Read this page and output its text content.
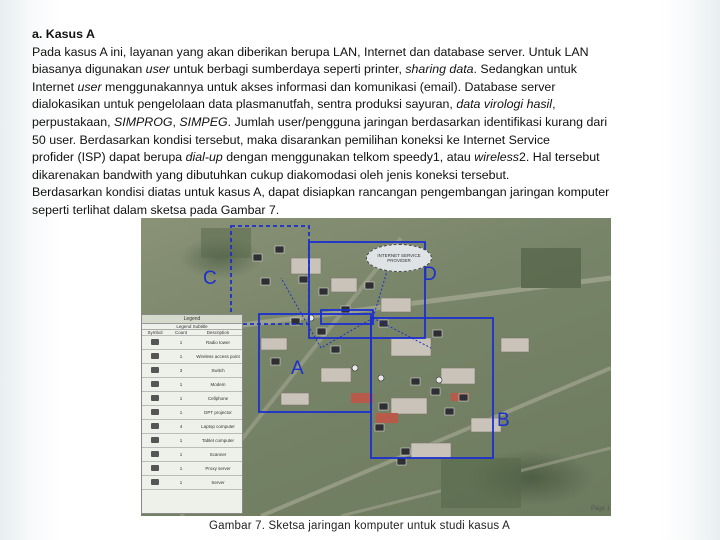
a. Kasus A

Pada kasus A ini, layanan yang akan diberikan berupa LAN, Internet dan database server. Untuk LAN
biasanya digunakan user untuk berbagi sumberdaya seperti printer, sharing data. Sedangkan untuk
Internet user menggunakannya untuk akses informasi dan komunikasi (email). Database server
dialokasikan untuk pengelolaan data plasmanutfah, sentra produksi sayuran, data virologi hasil,
perpustakaan, SIMPROG, SIMPEG. Jumlah user/pengguna jaringan berdasarkan identifikasi kurang dari
50 user. Berdasarkan kondisi tersebut, maka disarankan pemilihan koneksi ke Internet Service
profider (ISP) dapat berupa dial-up dengan menggunakan telkom speedy1, atau wireless2. Hal tersebut
dikarenakan bandwith yang dibutuhkan cukup diakomodasi oleh jenis koneksi tersebut.
Berdasarkan kondisi diatas untuk kasus A, dapat disiapkan rancangan pengembangan jaringan komputer
seperti terlihat dalam sketsa pada Gambar 7.
INTERNET SERVICE PROVIDER
C	D
A
B
Legend
Legend Subtitle
Symbol	Count	Description
1	Radio tower
1	Wireless access point
3	Switch
1	Modem
1	Cellphone
1	DPT projector
4	Laptop computer
1	Tablet computer
1	Scanner
1	Proxy server
1	Server
Page 1
Gambar 7. Sketsa jaringan komputer untuk studi kasus A
